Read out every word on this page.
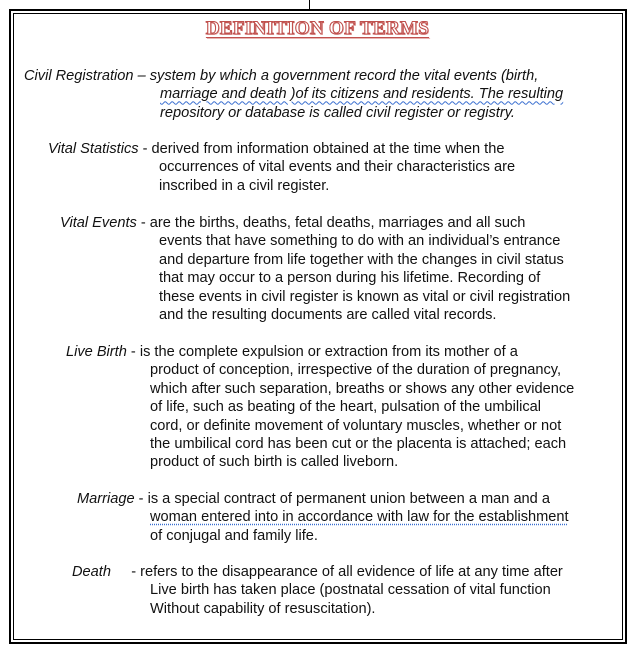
DEFINITION OF TERMS
Civil Registration – system by which a government record the vital events (birth,
marriage and death )of its citizens and residents. The resulting
repository or database is called civil register or registry.
Vital Statistics - derived from information obtained at the time when the
occurrences of vital events and their characteristics are
inscribed in a civil register.
Vital Events - are the births, deaths, fetal deaths, marriages and all such
events that have something to do with an individual’s entrance
and departure from life together with the changes in civil status
that may occur to a person during his lifetime. Recording of
these events in civil register is known as vital or civil registration
and the resulting documents are called vital records.
Live Birth - is the complete expulsion or extraction from its mother of a
product of conception, irrespective of the duration of pregnancy,
which after such separation, breaths or shows any other evidence
of life, such as beating of the heart, pulsation of the umbilical
cord, or definite movement of voluntary muscles, whether or not
the umbilical cord has been cut or the placenta is attached; each
product of such birth is called liveborn.
Marriage - is a special contract of permanent union between a man and a
woman entered into in accordance with law for the establishment
of conjugal and family life.
Death     - refers to the disappearance of all evidence of life at any time after
Live birth has taken place (postnatal cessation of vital function
Without capability of resuscitation).
